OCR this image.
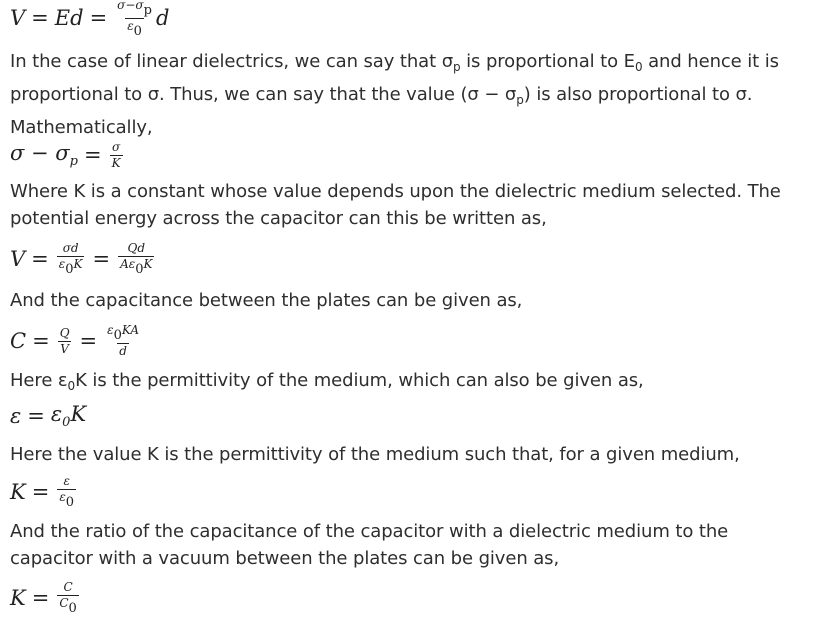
$V = Ed = \frac{\sigma-\sigma_p}{\varepsilon_0}$ d
In the case of linear dielectrics, we can say that $\sigma_p$ is proportional to $E_0$ and hence it is proportional to σ. Thus, we can say that the value $(\sigma - \sigma_p)$ is also proportional to σ. Mathematically,
$\sigma - \sigma_p = \frac{\sigma}{K}$
Where K is a constant whose value depends upon the dielectric medium selected. The potential energy across the capacitor can this be written as,
$V = \frac{\sigma d}{\varepsilon_0K} = \frac{Qd}{A\varepsilon_0K}$
And the capacitance between the plates can be given as,
$C = \frac{Q}{V} = \frac{\varepsilon_0KA}{d}$
Here $\varepsilon_0K$ is the permittivity of the medium, which can also be given as,
$\varepsilon = \varepsilon_0K$
Here the value K is the permittivity of the medium such that, for a given medium,
$K = \frac{\varepsilon}{\varepsilon_0}$
And the ratio of the capacitance of the capacitor with a dielectric medium to the capacitor with a vacuum between the plates can be given as,
$K = \frac{C}{C_0}$
